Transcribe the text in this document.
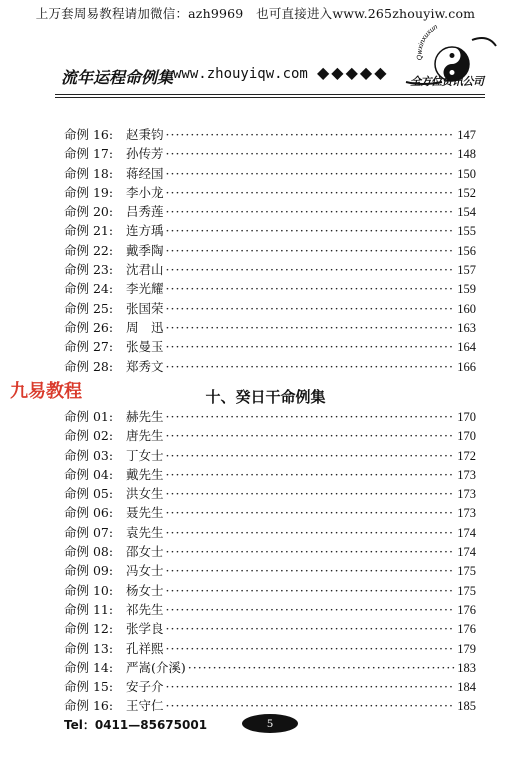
上万套周易教程请加微信：azh9969　也可直接进入www.265zhouyiw.com
流年运程命例集 www.zhouyiqw.com ◆◆◆◆◆
Qwxinxuxun
全方位资讯公司
命例 16:	赵秉钧 ·····	147
命例 17:	孙传芳 ·····	148
命例 18:	蒋经国 ·····	150
命例 19:	李小龙 ·····	152
命例 20:	吕秀莲 ·····	154
命例 21:	连方瑀 ·····	155
命例 22:	戴季陶 ·····	156
命例 23:	沈君山 ·····	157
命例 24:	李光耀 ·····	159
命例 25:	张国荣 ·····	160
命例 26:	周　迅 ·····	163
命例 27:	张曼玉 ·····	164
命例 28:	郑秀文 ·····	166
九易教程	十、癸日干命例集
命例 01:	赫先生 ·····	170
命例 02:	唐先生 ·····	170
命例 03:	丁女士 ·····	172
命例 04:	戴先生 ·····	173
命例 05:	洪女生 ·····	173
命例 06:	聂先生 ·····	173
命例 07:	袁先生 ·····	174
命例 08:	邵女士 ·····	174
命例 09:	冯女士 ·····	175
命例 10:	杨女士 ·····	175
命例 11:	祁先生 ·····	176
命例 12:	张学良 ·····	176
命例 13:	孔祥熙 ·····	179
命例 14:	严嵩(介溪) ·····	183
命例 15:	安子介 ·····	184
命例 16:	王守仁 ·····	185
Tel：0411—85675001	5
